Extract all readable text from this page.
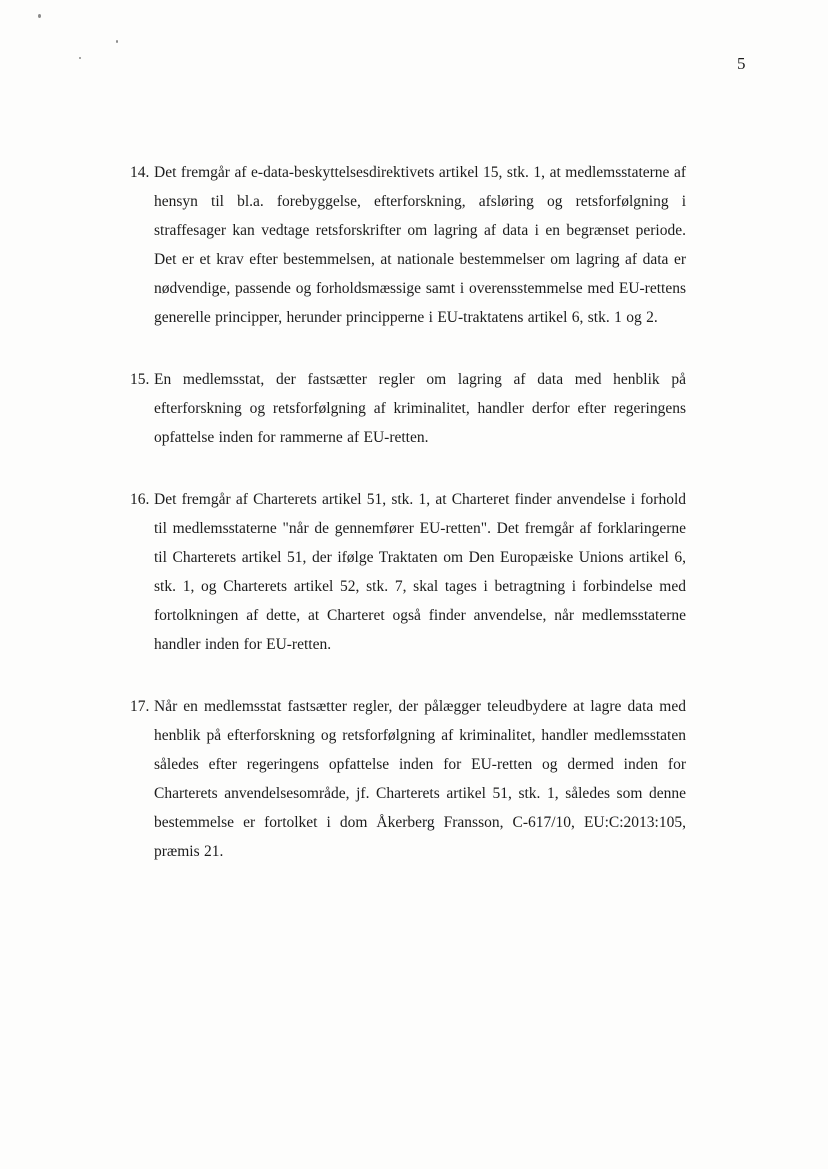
5
14. Det fremgår af e-data-beskyttelsesdirektivets artikel 15, stk. 1, at medlemsstaterne af hensyn til bl.a. forebyggelse, efterforskning, afsløring og retsforfølgning i straffesager kan vedtage retsforskrifter om lagring af data i en begrænset periode. Det er et krav efter bestemmelsen, at nationale bestemmelser om lagring af data er nødvendige, passende og forholdsmæssige samt i overensstemmelse med EU-rettens generelle principper, herunder principperne i EU-traktatens artikel 6, stk. 1 og 2.
15. En medlemsstat, der fastsætter regler om lagring af data med henblik på efterforskning og retsforfølgning af kriminalitet, handler derfor efter regeringens opfattelse inden for rammerne af EU-retten.
16. Det fremgår af Charterets artikel 51, stk. 1, at Charteret finder anvendelse i forhold til medlemsstaterne "når de gennemfører EU-retten". Det fremgår af forklaringerne til Charterets artikel 51, der ifølge Traktaten om Den Europæiske Unions artikel 6, stk. 1, og Charterets artikel 52, stk. 7, skal tages i betragtning i forbindelse med fortolkningen af dette, at Charteret også finder anvendelse, når medlemsstaterne handler inden for EU-retten.
17. Når en medlemsstat fastsætter regler, der pålægger teleudbydere at lagre data med henblik på efterforskning og retsforfølgning af kriminalitet, handler medlemsstaten således efter regeringens opfattelse inden for EU-retten og dermed inden for Charterets anvendelsesområde, jf. Charterets artikel 51, stk. 1, således som denne bestemmelse er fortolket i dom Åkerberg Fransson, C-617/10, EU:C:2013:105, præmis 21.
